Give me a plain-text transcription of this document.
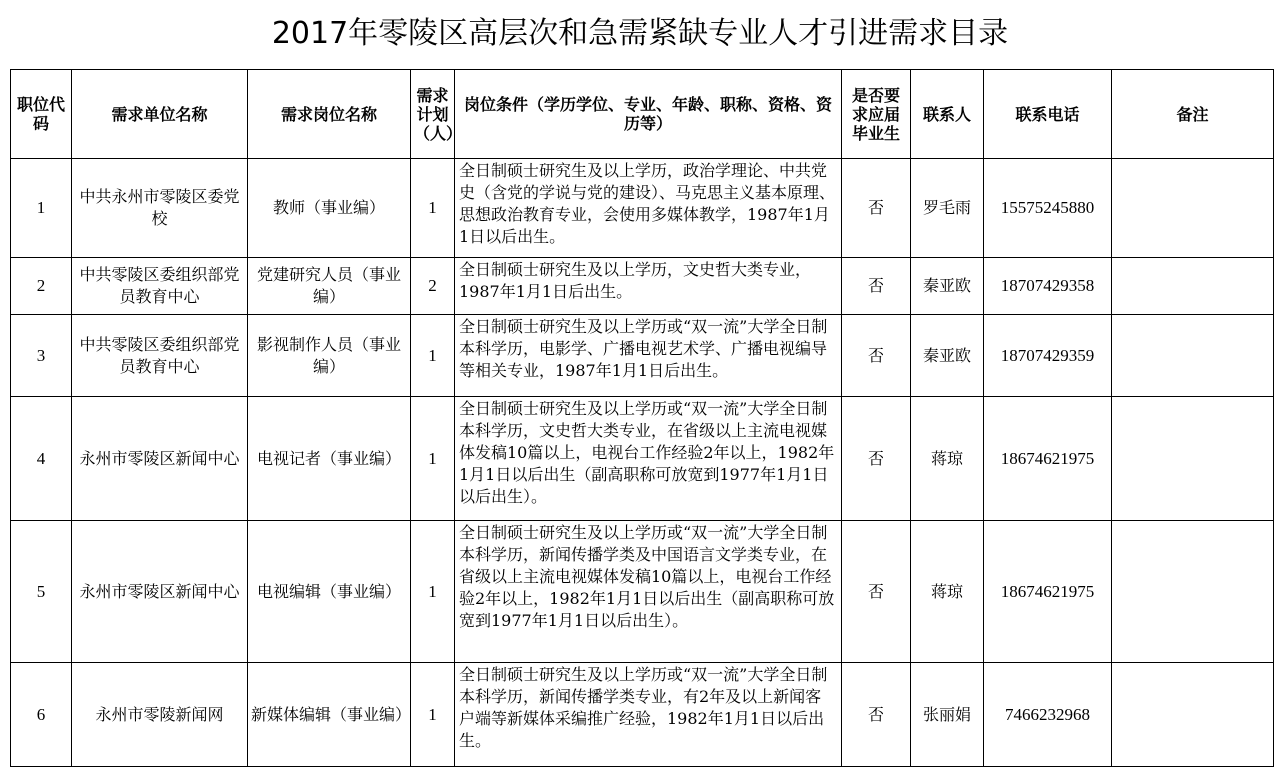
2017年零陵区高层次和急需紧缺专业人才引进需求目录
职位代码	需求单位名称	需求岗位名称	需求计划（人）	岗位条件（学历学位、专业、年龄、职称、资格、资历等）	是否要求应届毕业生	联系人	联系电话	备注
1	中共永州市零陵区委党校	教师（事业编）	1	全日制硕士研究生及以上学历，政治学理论、中共党史（含党的学说与党的建设）、马克思主义基本原理、思想政治教育专业，会使用多媒体教学，1987年1月1日以后出生。	否	罗毛雨	15575245880	
2	中共零陵区委组织部党员教育中心	党建研究人员（事业编）	2	全日制硕士研究生及以上学历，文史哲大类专业，1987年1月1日后出生。	否	秦亚欧	18707429358	
3	中共零陵区委组织部党员教育中心	影视制作人员（事业编）	1	全日制硕士研究生及以上学历或“双一流”大学全日制本科学历，电影学、广播电视艺术学、广播电视编导等相关专业，1987年1月1日后出生。	否	秦亚欧	18707429359	
4	永州市零陵区新闻中心	电视记者（事业编）	1	全日制硕士研究生及以上学历或“双一流”大学全日制本科学历，文史哲大类专业，在省级以上主流电视媒体发稿10篇以上，电视台工作经验2年以上，1982年1月1日以后出生（副高职称可放宽到1977年1月1日以后出生）。	否	蒋琼	18674621975	
5	永州市零陵区新闻中心	电视编辑（事业编）	1	全日制硕士研究生及以上学历或“双一流”大学全日制本科学历，新闻传播学类及中国语言文学类专业，在省级以上主流电视媒体发稿10篇以上，电视台工作经验2年以上，1982年1月1日以后出生（副高职称可放宽到1977年1月1日以后出生）。	否	蒋琼	18674621975	
6	永州市零陵新闻网	新媒体编辑（事业编）	1	全日制硕士研究生及以上学历或“双一流”大学全日制本科学历，新闻传播学类专业，有2年及以上新闻客户端等新媒体采编推广经验，1982年1月1日以后出生。	否	张丽娟	7466232968	
